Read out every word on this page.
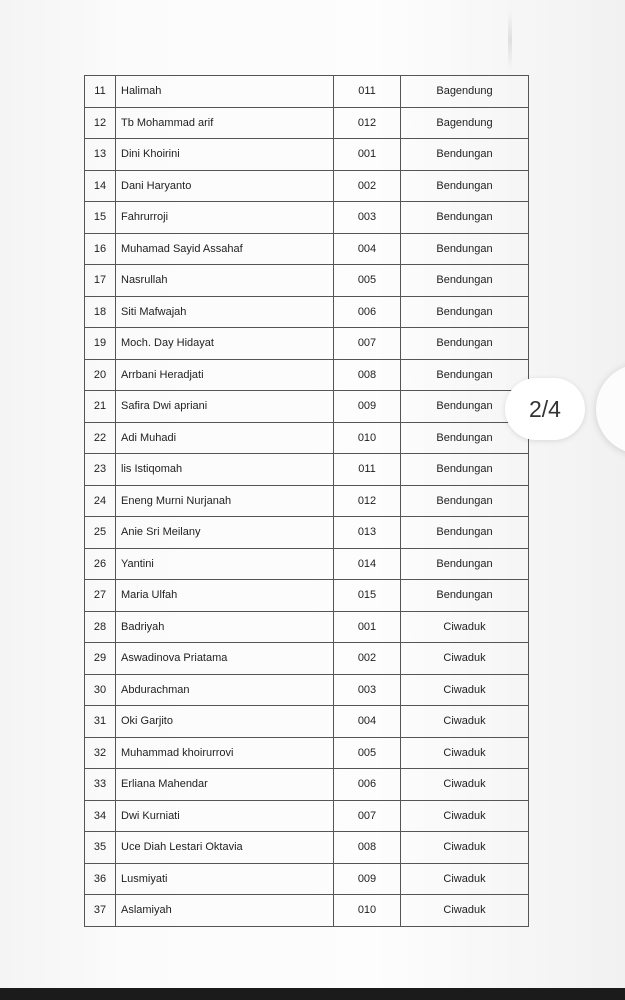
11	Halimah	011	Bagendung
12	Tb Mohammad arif	012	Bagendung
13	Dini Khoirini	001	Bendungan
14	Dani Haryanto	002	Bendungan
15	Fahrurroji	003	Bendungan
16	Muhamad Sayid Assahaf	004	Bendungan
17	Nasrullah	005	Bendungan
18	Siti Mafwajah	006	Bendungan
19	Moch. Day Hidayat	007	Bendungan
20	Arrbani Heradjati	008	Bendungan
21	Safira Dwi apriani	009	Bendungan
22	Adi Muhadi	010	Bendungan
23	lis Istiqomah	011	Bendungan
24	Eneng Murni Nurjanah	012	Bendungan
25	Anie Sri Meilany	013	Bendungan
26	Yantini	014	Bendungan
27	Maria Ulfah	015	Bendungan
28	Badriyah	001	Ciwaduk
29	Aswadinova Priatama	002	Ciwaduk
30	Abdurachman	003	Ciwaduk
31	Oki Garjito	004	Ciwaduk
32	Muhammad khoirurrovi	005	Ciwaduk
33	Erliana Mahendar	006	Ciwaduk
34	Dwi Kurniati	007	Ciwaduk
35	Uce Diah Lestari Oktavia	008	Ciwaduk
36	Lusmiyati	009	Ciwaduk
37	Aslamiyah	010	Ciwaduk
2/4
